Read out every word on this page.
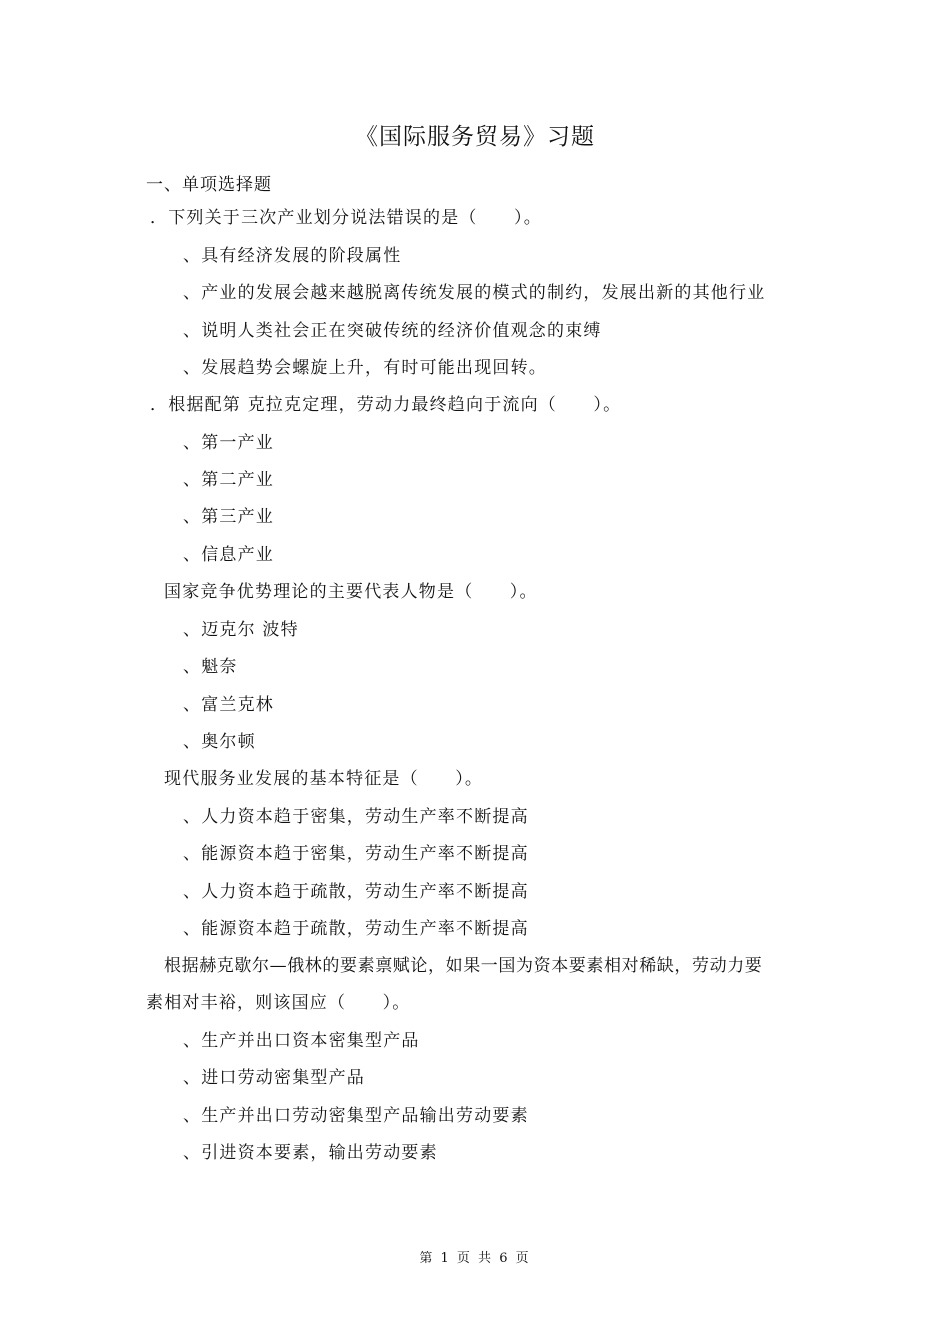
《国际服务贸易》习题
一、单项选择题
．下列关于三次产业划分说法错误的是（　　）。
、具有经济发展的阶段属性
、产业的发展会越来越脱离传统发展的模式的制约，发展出新的其他行业
、说明人类社会正在突破传统的经济价值观念的束缚
、发展趋势会螺旋上升，有时可能出现回转。
．根据配第 克拉克定理，劳动力最终趋向于流向（　　）。
、第一产业
、第二产业
、第三产业
、信息产业
国家竞争优势理论的主要代表人物是（　　）。
、迈克尔 波特
、魁奈
、富兰克林
、奥尔顿
现代服务业发展的基本特征是（　　）。
、人力资本趋于密集，劳动生产率不断提高
、能源资本趋于密集，劳动生产率不断提高
、人力资本趋于疏散，劳动生产率不断提高
、能源资本趋于疏散，劳动生产率不断提高
根据赫克歇尔—俄林的要素禀赋论，如果一国为资本要素相对稀缺，劳动力要
素相对丰裕，则该国应（　　）。
、生产并出口资本密集型产品
、进口劳动密集型产品
、生产并出口劳动密集型产品输出劳动要素
、引进资本要素，输出劳动要素
第 1 页 共 6 页
